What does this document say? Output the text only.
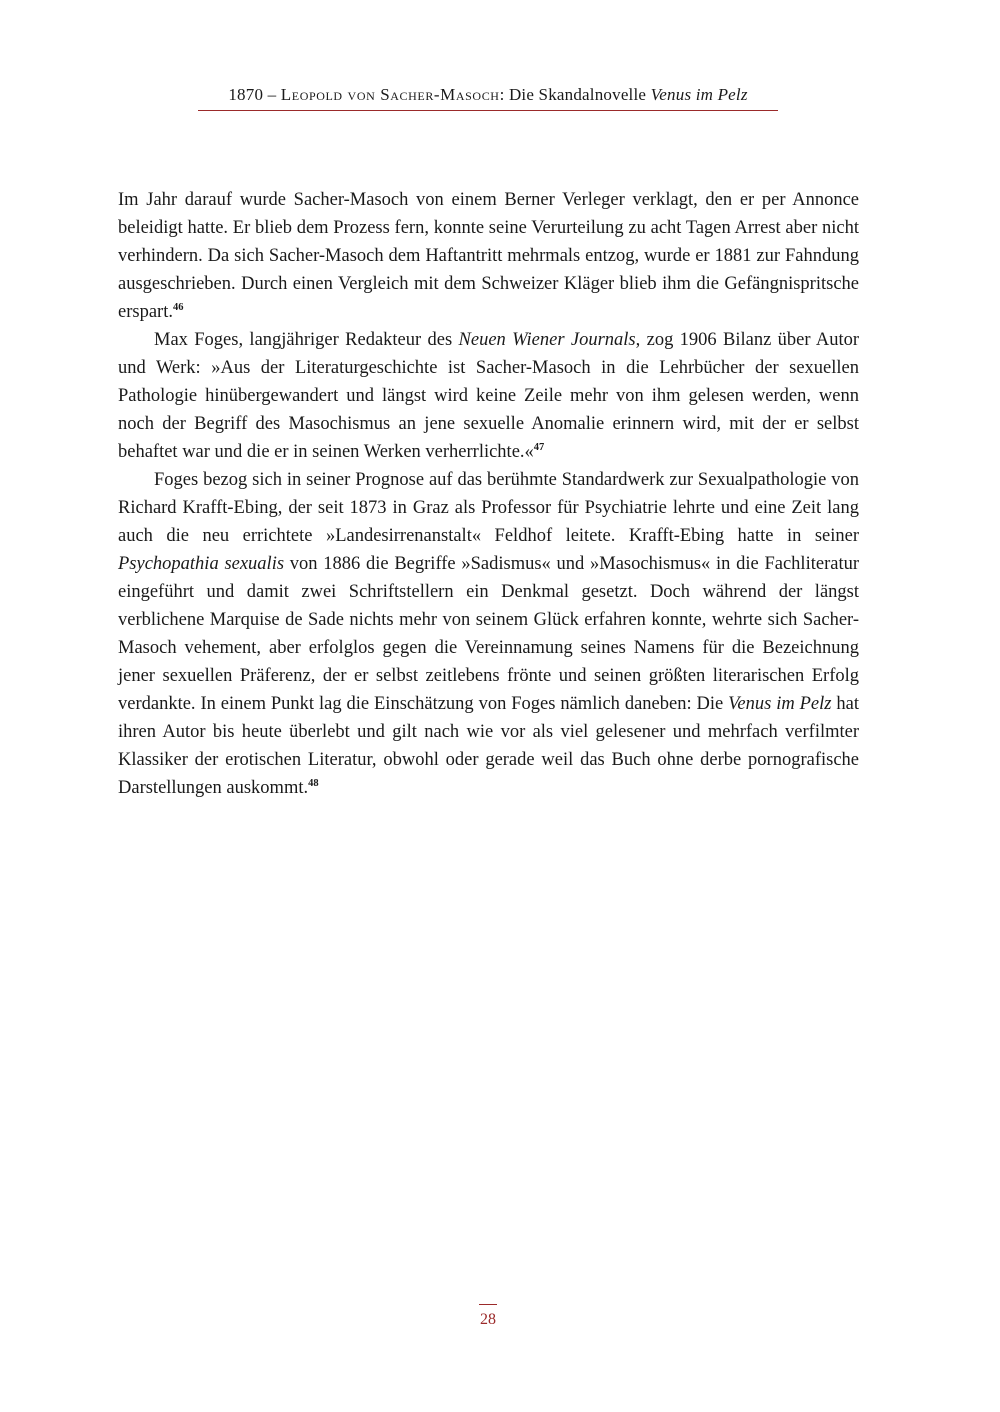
1870 – Leopold von Sacher-Masoch: Die Skandalnovelle Venus im Pelz

Im Jahr darauf wurde Sacher-Masoch von einem Berner Verleger verklagt, den er per Annonce beleidigt hatte. Er blieb dem Prozess fern, konnte seine Verurteilung zu acht Tagen Arrest aber nicht verhindern. Da sich Sacher-Masoch dem Haftantritt mehrmals entzog, wurde er 1881 zur Fahndung ausgeschrieben. Durch einen Vergleich mit dem Schweizer Kläger blieb ihm die Gefängnispritsche erspart.$^{46}$

Max Foges, langjähriger Redakteur des Neuen Wiener Journals, zog 1906 Bilanz über Autor und Werk: »Aus der Literaturgeschichte ist Sacher-Masoch in die Lehrbücher der sexuellen Pathologie hinübergewandert und längst wird keine Zeile mehr von ihm gelesen werden, wenn noch der Begriff des Masochismus an jene sexuelle Anomalie erinnern wird, mit der er selbst behaftet war und die er in seinen Werken verherrlichte.«$^{47}$

Foges bezog sich in seiner Prognose auf das berühmte Standardwerk zur Sexualpathologie von Richard Krafft-Ebing, der seit 1873 in Graz als Professor für Psychiatrie lehrte und eine Zeit lang auch die neu errichtete »Landesirrenanstalt« Feldhof leitete. Krafft-Ebing hatte in seiner Psychopathia sexualis von 1886 die Begriffe »Sadismus« und »Masochismus« in die Fachliteratur eingeführt und damit zwei Schriftstellern ein Denkmal gesetzt. Doch während der längst verblichene Marquise de Sade nichts mehr von seinem Glück erfahren konnte, wehrte sich Sacher-Masoch vehement, aber erfolglos gegen die Vereinnamung seines Namens für die Bezeichnung jener sexuellen Präferenz, der er selbst zeitlebens frönte und seinen größten literarischen Erfolg verdankte. In einem Punkt lag die Einschätzung von Foges nämlich daneben: Die Venus im Pelz hat ihren Autor bis heute überlebt und gilt nach wie vor als viel gelesener und mehrfach verfilmter Klassiker der erotischen Literatur, obwohl oder gerade weil das Buch ohne derbe pornografische Darstellungen auskommt.$^{48}$

28
